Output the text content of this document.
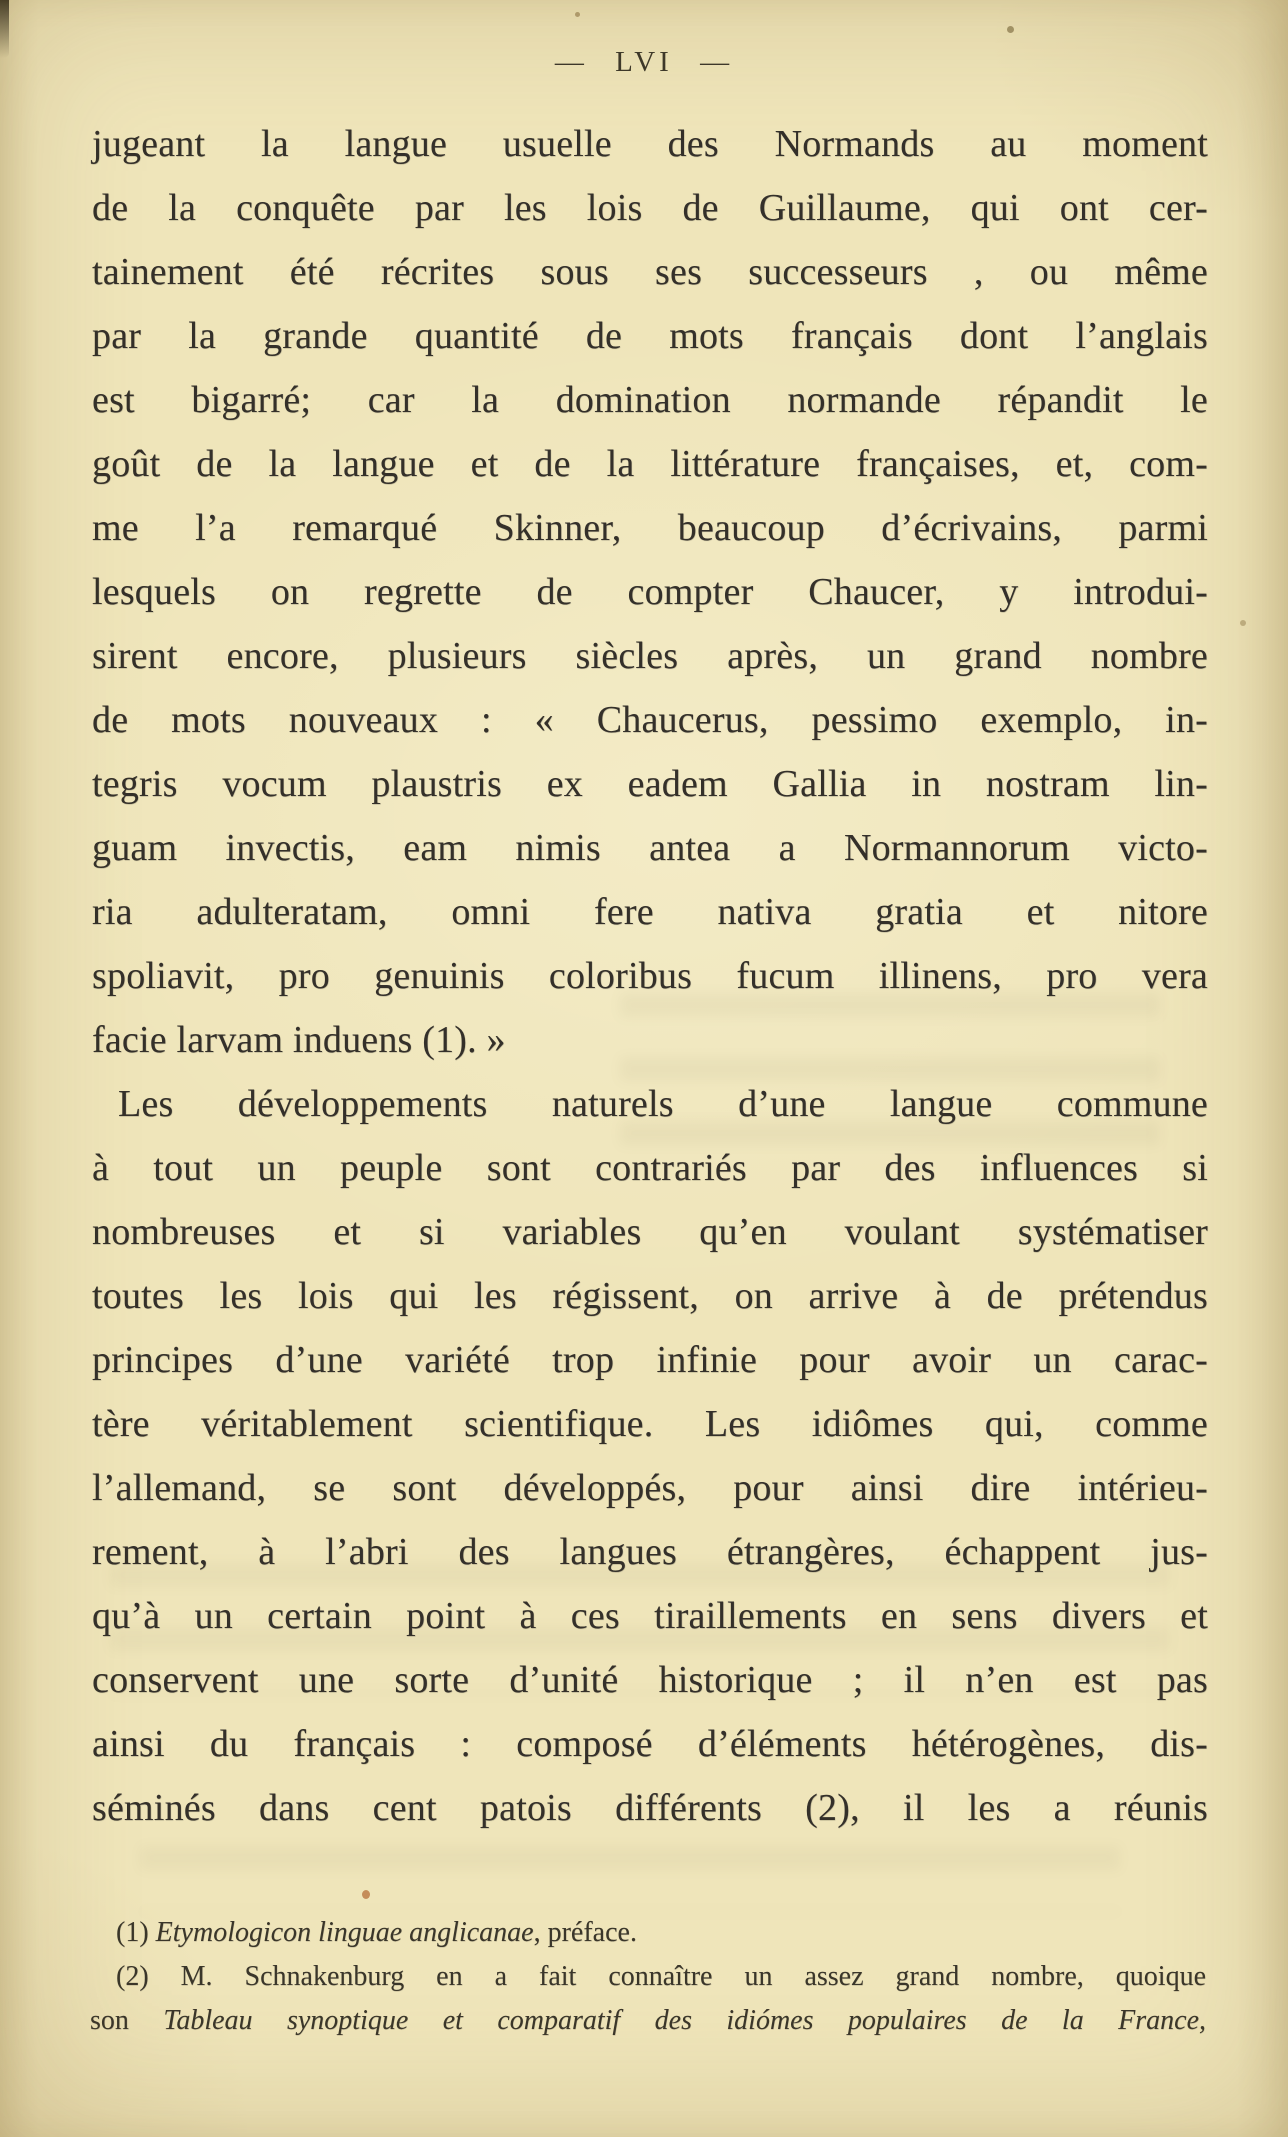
— LVI —
jugeant la langue usuelle des Normands au moment
de la conquête par les lois de Guillaume, qui ont cer-
tainement été récrites sous ses successeurs , ou même
par la grande quantité de mots français dont l’anglais
est bigarré; car la domination normande répandit le
goût de la langue et de la littérature françaises, et, com-
me l’a remarqué Skinner, beaucoup d’écrivains, parmi
lesquels on regrette de compter Chaucer, y introdui-
sirent encore, plusieurs siècles après, un grand nombre
de mots nouveaux : « Chaucerus, pessimo exemplo, in-
tegris vocum plaustris ex eadem Gallia in nostram lin-
guam invectis, eam nimis antea a Normannorum victo-
ria adulteratam, omni fere nativa gratia et nitore
spoliavit, pro genuinis coloribus fucum illinens, pro vera
facie larvam induens (1). »
Les développements naturels d’une langue commune
à tout un peuple sont contrariés par des influences si
nombreuses et si variables qu’en voulant systématiser
toutes les lois qui les régissent, on arrive à de prétendus
principes d’une variété trop infinie pour avoir un carac-
tère véritablement scientifique. Les idiômes qui, comme
l’allemand, se sont développés, pour ainsi dire intérieu-
rement, à l’abri des langues étrangères, échappent jus-
qu’à un certain point à ces tiraillements en sens divers et
conservent une sorte d’unité historique ; il n’en est pas
ainsi du français : composé d’éléments hétérogènes, dis-
séminés dans cent patois différents (2), il les a réunis
(1) Etymologicon linguae anglicanae, préface.
(2) M. Schnakenburg en a fait connaître un assez grand nombre, quoique
son Tableau synoptique et comparatif des idiómes populaires de la France,
